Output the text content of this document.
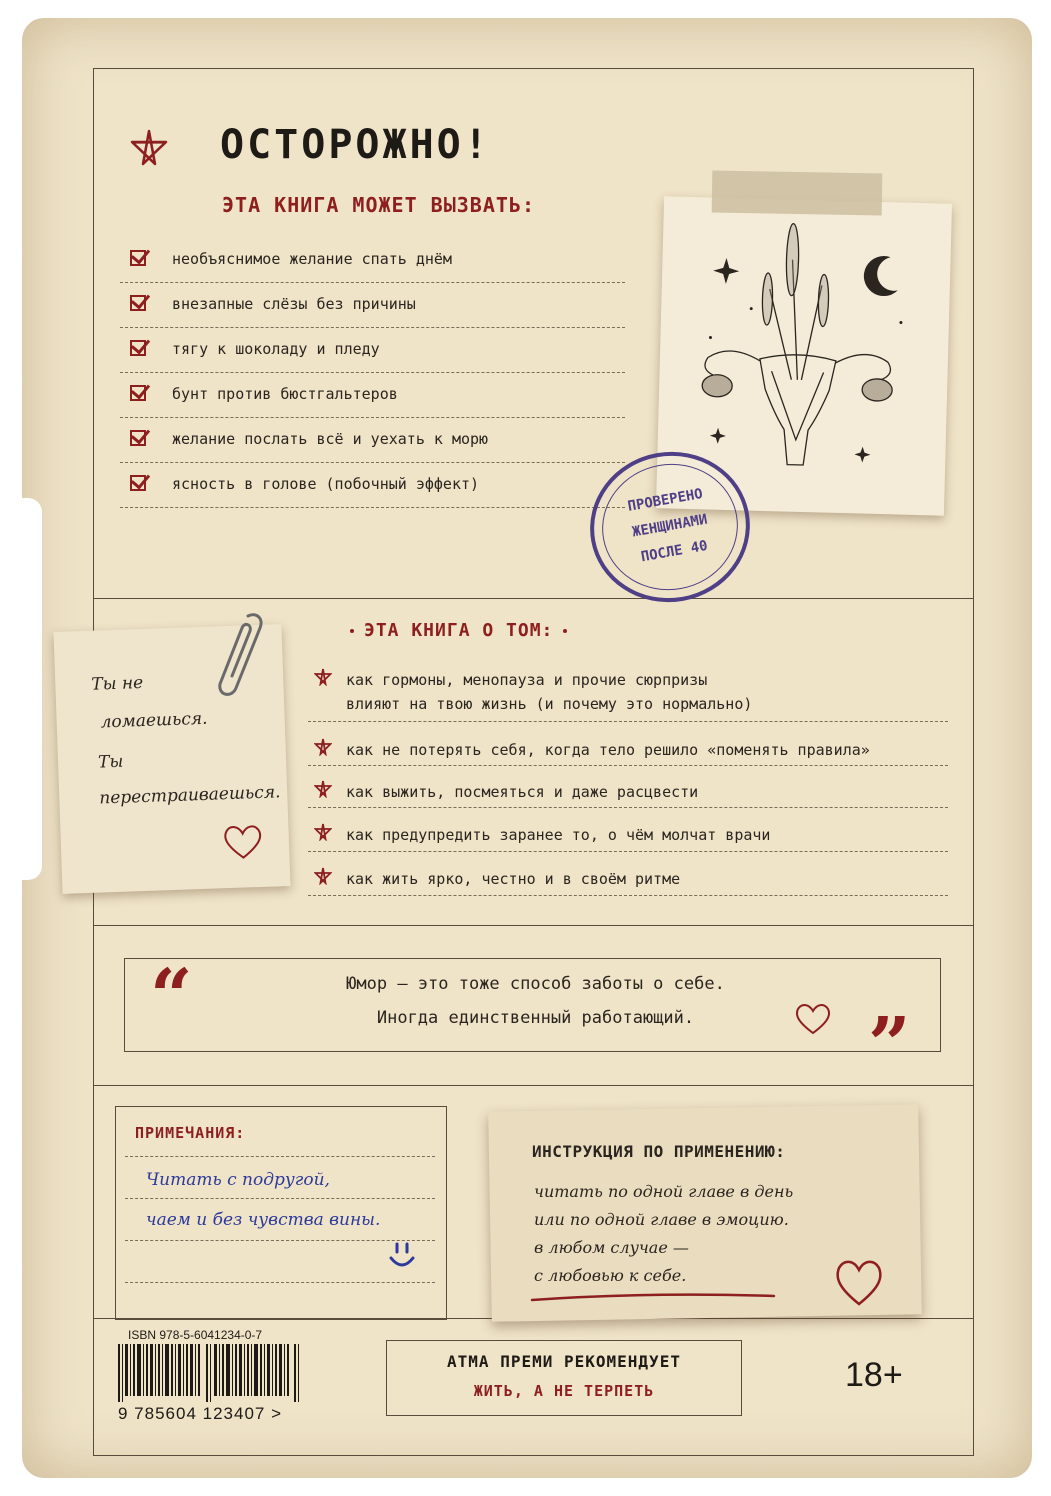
ОСТОРОЖНО!
ЭТА КНИГА МОЖЕТ ВЫЗВАТЬ:
необъяснимое желание спать днём
внезапные слёзы без причины
тягу к шоколаду и пледу
бунт против бюстгальтеров
желание послать всё и уехать к морю
ясность в голове (побочный эффект)
ПРОВЕРЕНО
ЖЕНЩИНАМИ
ПОСЛЕ 40
ЭТА КНИГА О ТОМ:
как гормоны, менопауза и прочие сюрпризы
влияют на твою жизнь (и почему это нормально)
как не потерять себя, когда тело решило «поменять правила»
как выжить, посмеяться и даже расцвести
как предупредить заранее то, о чём молчат врачи
как жить ярко, честно и в своём ритме
Ты не
ломаешься.
Ты
перестраиваешься.
“
”
Юмор — это тоже способ заботы о себе.
Иногда единственный работающий.
ПРИМЕЧАНИЯ:
Читать с подругой,
чаем и без чувства вины.
ИНСТРУКЦИЯ ПО ПРИМЕНЕНИЮ:
читать по одной главе в день
или по одной главе в эмоцию.
в любом случае —
с любовью к себе.
ISBN 978-5-6041234-0-7
9 785604 123407 >
АТМА ПРЕМИ РЕКОМЕНДУЕТ
ЖИТЬ, А НЕ ТЕРПЕТЬ	18+
